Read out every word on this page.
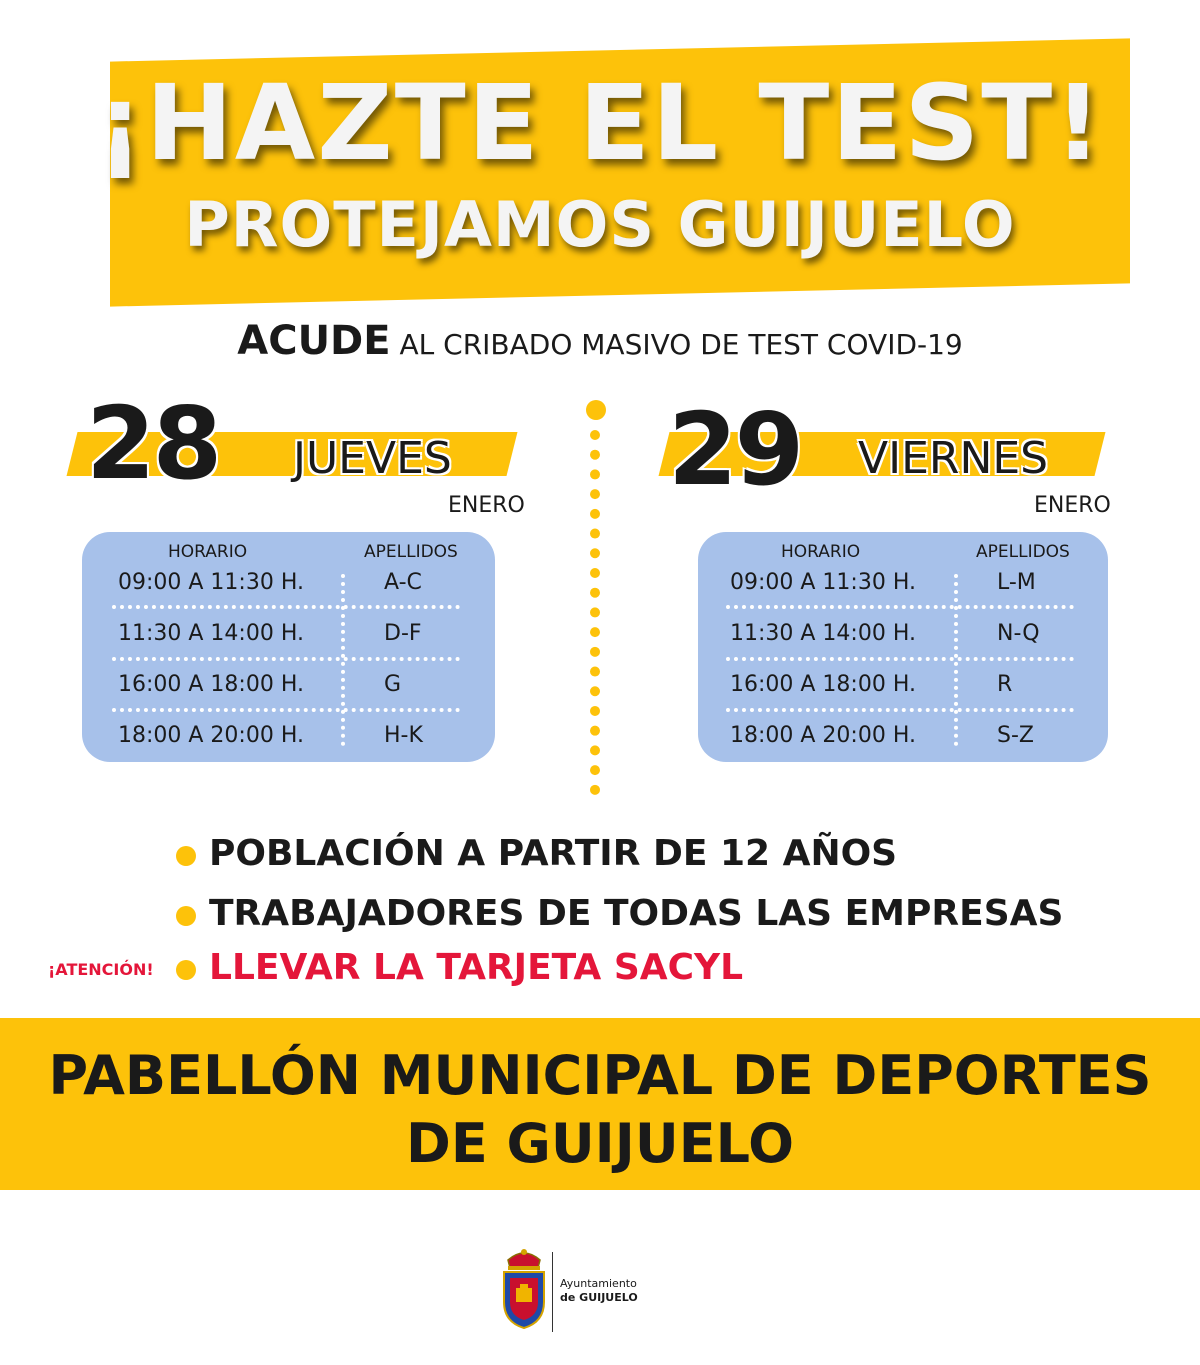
¡HAZTE EL TEST!
PROTEJAMOS GUIJUELO
ACUDE AL CRIBADO MASIVO DE TEST COVID-19
28 JUEVES
ENERO
HORARIO	APELLIDOS
09:00 A 11:30 H.	A-C
11:30 A 14:00 H.	D-F
16:00 A 18:00 H.	G
18:00 A 20:00 H.	H-K
29 VIERNES
ENERO
HORARIO	APELLIDOS
09:00 A 11:30 H.	L-M
11:30 A 14:00 H.	N-Q
16:00 A 18:00 H.	R
18:00 A 20:00 H.	S-Z
POBLACIÓN A PARTIR DE 12 AÑOS
TRABAJADORES DE TODAS LAS EMPRESAS
¡ATENCIÓN! LLEVAR LA TARJETA SACYL
PABELLÓN MUNICIPAL DE DEPORTES
DE GUIJUELO
Ayuntamiento
de GUIJUELO
